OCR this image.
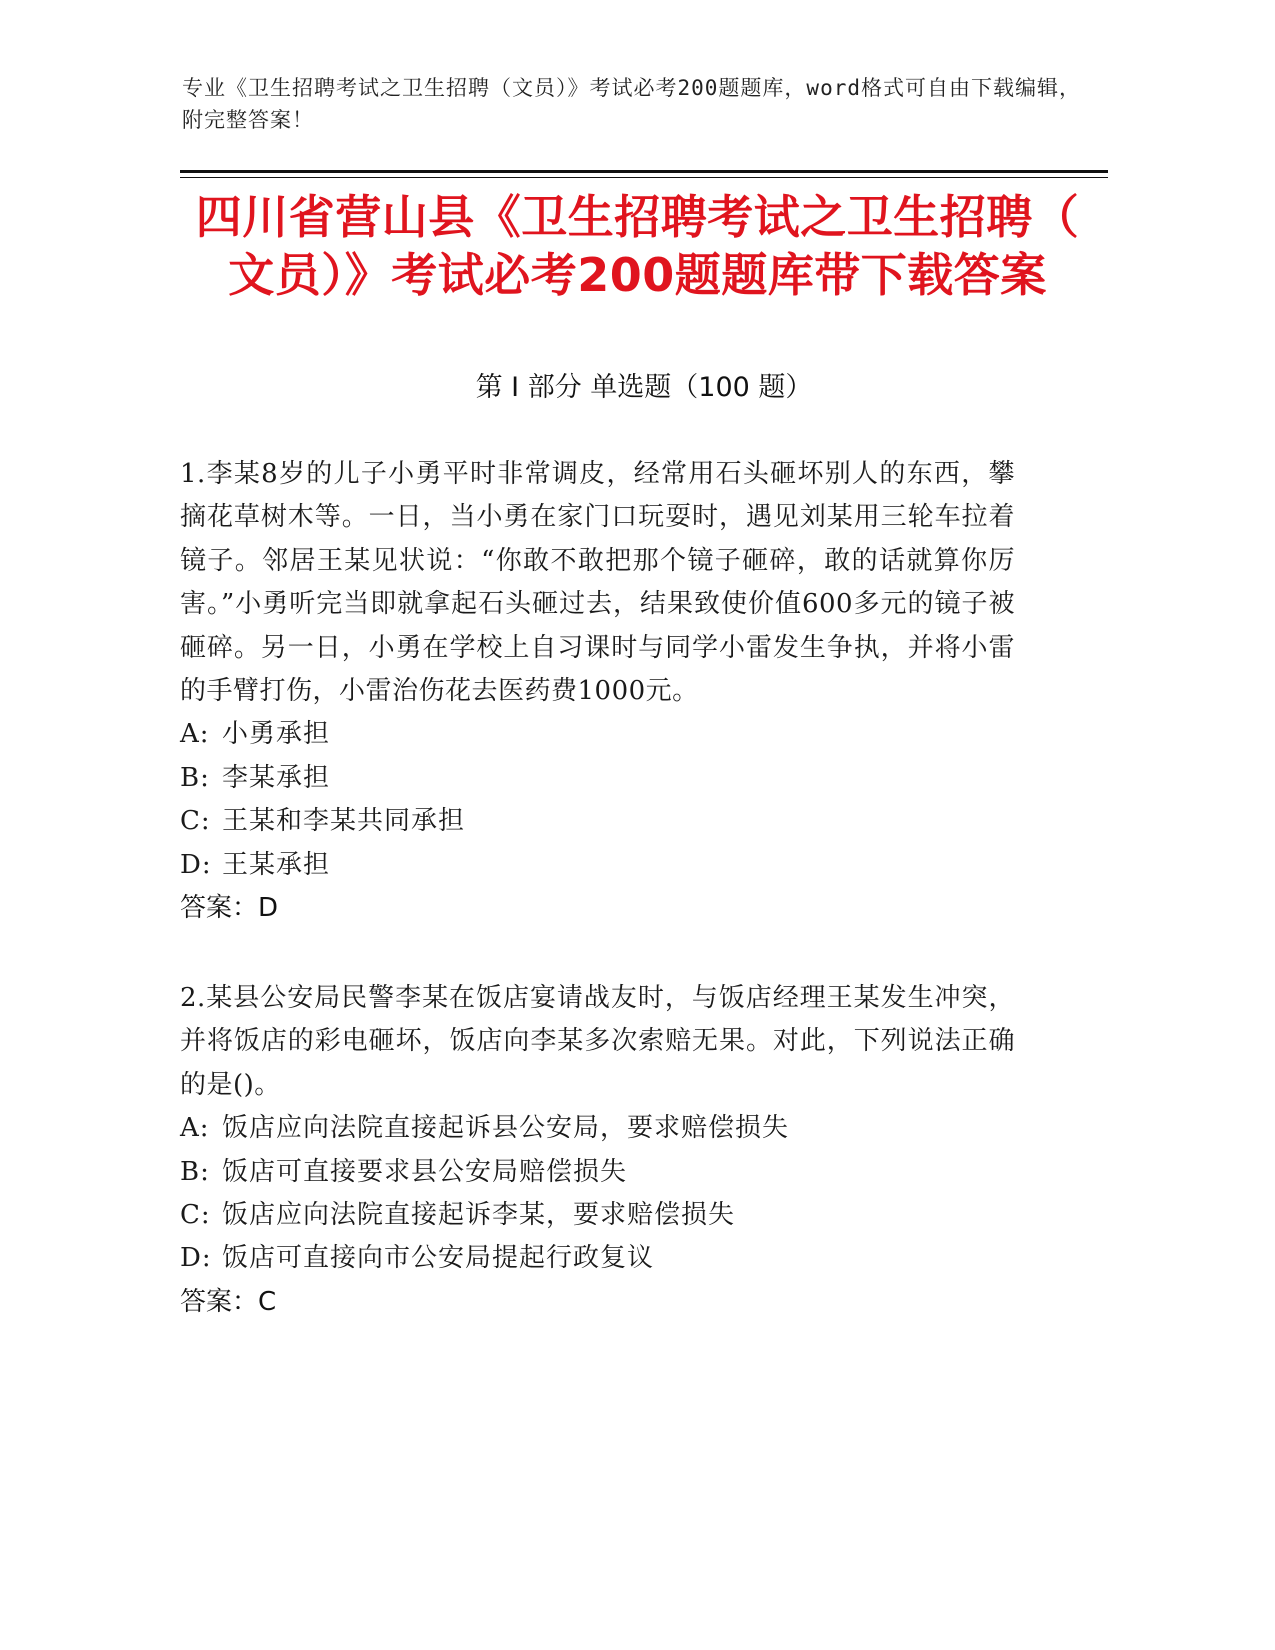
专业《卫生招聘考试之卫生招聘（文员）》考试必考200题题库，word格式可自由下载编辑，附完整答案！
四川省营山县《卫生招聘考试之卫生招聘（
文员）》考试必考200题题库带下载答案
第 I 部分 单选题（100 题）

1.李某8岁的儿子小勇平时非常调皮，经常用石头砸坏别人的东西，攀摘花草树木等。一日，当小勇在家门口玩耍时，遇见刘某用三轮车拉着镜子。邻居王某见状说：“你敢不敢把那个镜子砸碎，敢的话就算你厉害。”小勇听完当即就拿起石头砸过去，结果致使价值600多元的镜子被砸碎。另一日，小勇在学校上自习课时与同学小雷发生争执，并将小雷的手臂打伤，小雷治伤花去医药费1000元。

A: 小勇承担

B: 李某承担

C: 王某和李某共同承担

D: 王某承担

答案：D

2.某县公安局民警李某在饭店宴请战友时，与饭店经理王某发生冲突，并将饭店的彩电砸坏，饭店向李某多次索赔无果。对此，下列说法正确的是()。

A: 饭店应向法院直接起诉县公安局，要求赔偿损失

B: 饭店可直接要求县公安局赔偿损失

C: 饭店应向法院直接起诉李某，要求赔偿损失

D: 饭店可直接向市公安局提起行政复议

答案：C
